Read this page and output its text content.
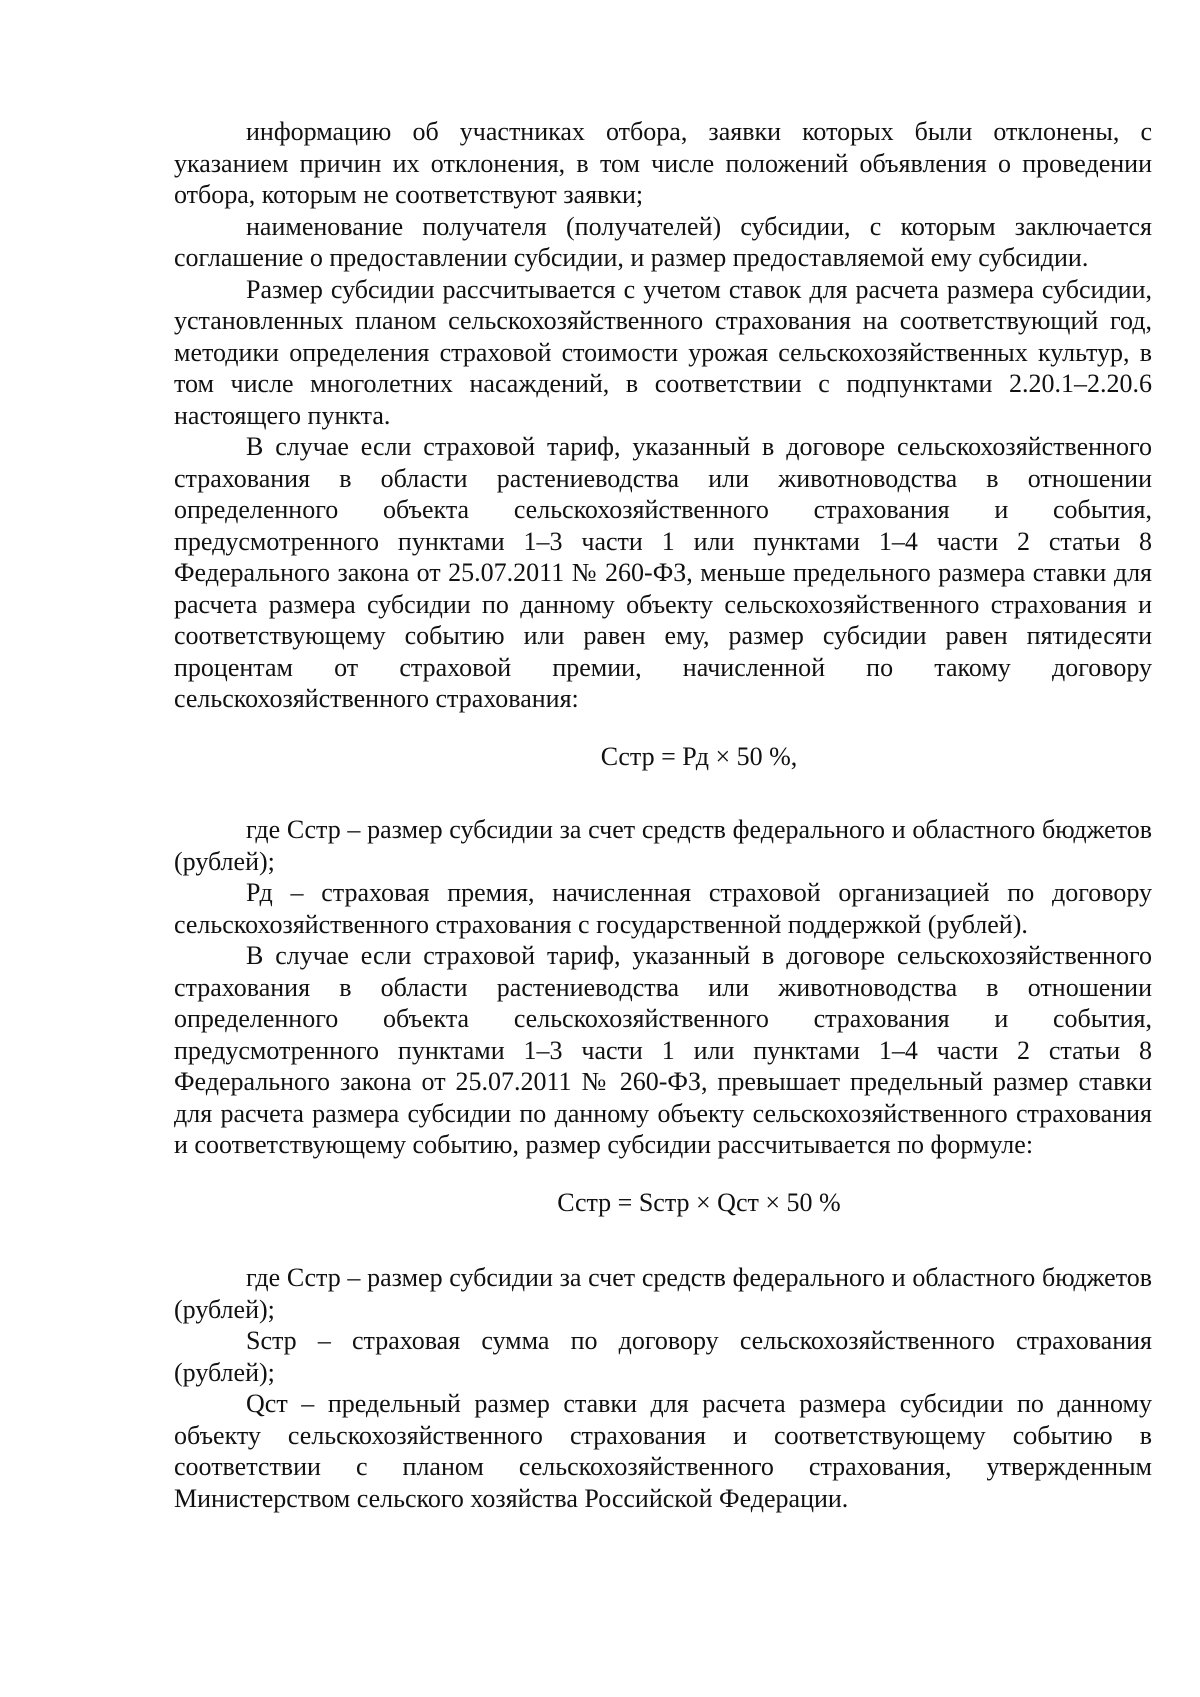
информацию об участниках отбора, заявки которых были отклонены, с указанием причин их отклонения, в том числе положений объявления о проведении отбора, которым не соответствуют заявки;

наименование получателя (получателей) субсидии, с которым заключается соглашение о предоставлении субсидии, и размер предоставляемой ему субсидии.

Размер субсидии рассчитывается с учетом ставок для расчета размера субсидии, установленных планом сельскохозяйственного страхования на соответствующий год, методики определения страховой стоимости урожая сельскохозяйственных культур, в том числе многолетних насаждений, в соответствии с подпунктами 2.20.1–2.20.6 настоящего пункта.

В случае если страховой тариф, указанный в договоре сельскохозяйственного страхования в области растениеводства или животноводства в отношении определенного объекта сельскохозяйственного страхования и события, предусмотренного пунктами 1–3 части 1 или пунктами 1–4 части 2 статьи 8 Федерального закона от 25.07.2011 № 260-ФЗ, меньше предельного размера ставки для расчета размера субсидии по данному объекту сельскохозяйственного страхования и соответствующему событию или равен ему, размер субсидии равен пятидесяти процентам от страховой премии, начисленной по такому договору сельскохозяйственного страхования:

Сстр = Рд × 50 %,

где Сстр – размер субсидии за счет средств федерального и областного бюджетов (рублей);

Рд – страховая премия, начисленная страховой организацией по договору сельскохозяйственного страхования с государственной поддержкой (рублей).

В случае если страховой тариф, указанный в договоре сельскохозяйственного страхования в области растениеводства или животноводства в отношении определенного объекта сельскохозяйственного страхования и события, предусмотренного пунктами 1–3 части 1 или пунктами 1–4 части 2 статьи 8 Федерального закона от 25.07.2011 № 260-ФЗ, превышает предельный размер ставки для расчета размера субсидии по данному объекту сельскохозяйственного страхования и соответствующему событию, размер субсидии рассчитывается по формуле:

Сстр = Sстр × Qст × 50 %

где Сстр – размер субсидии за счет средств федерального и областного бюджетов (рублей);

Sстр – страховая сумма по договору сельскохозяйственного страхования (рублей);

Qст – предельный размер ставки для расчета размера субсидии по данному объекту сельскохозяйственного страхования и соответствующему событию в соответствии с планом сельскохозяйственного страхования, утвержденным Министерством сельского хозяйства Российской Федерации.
